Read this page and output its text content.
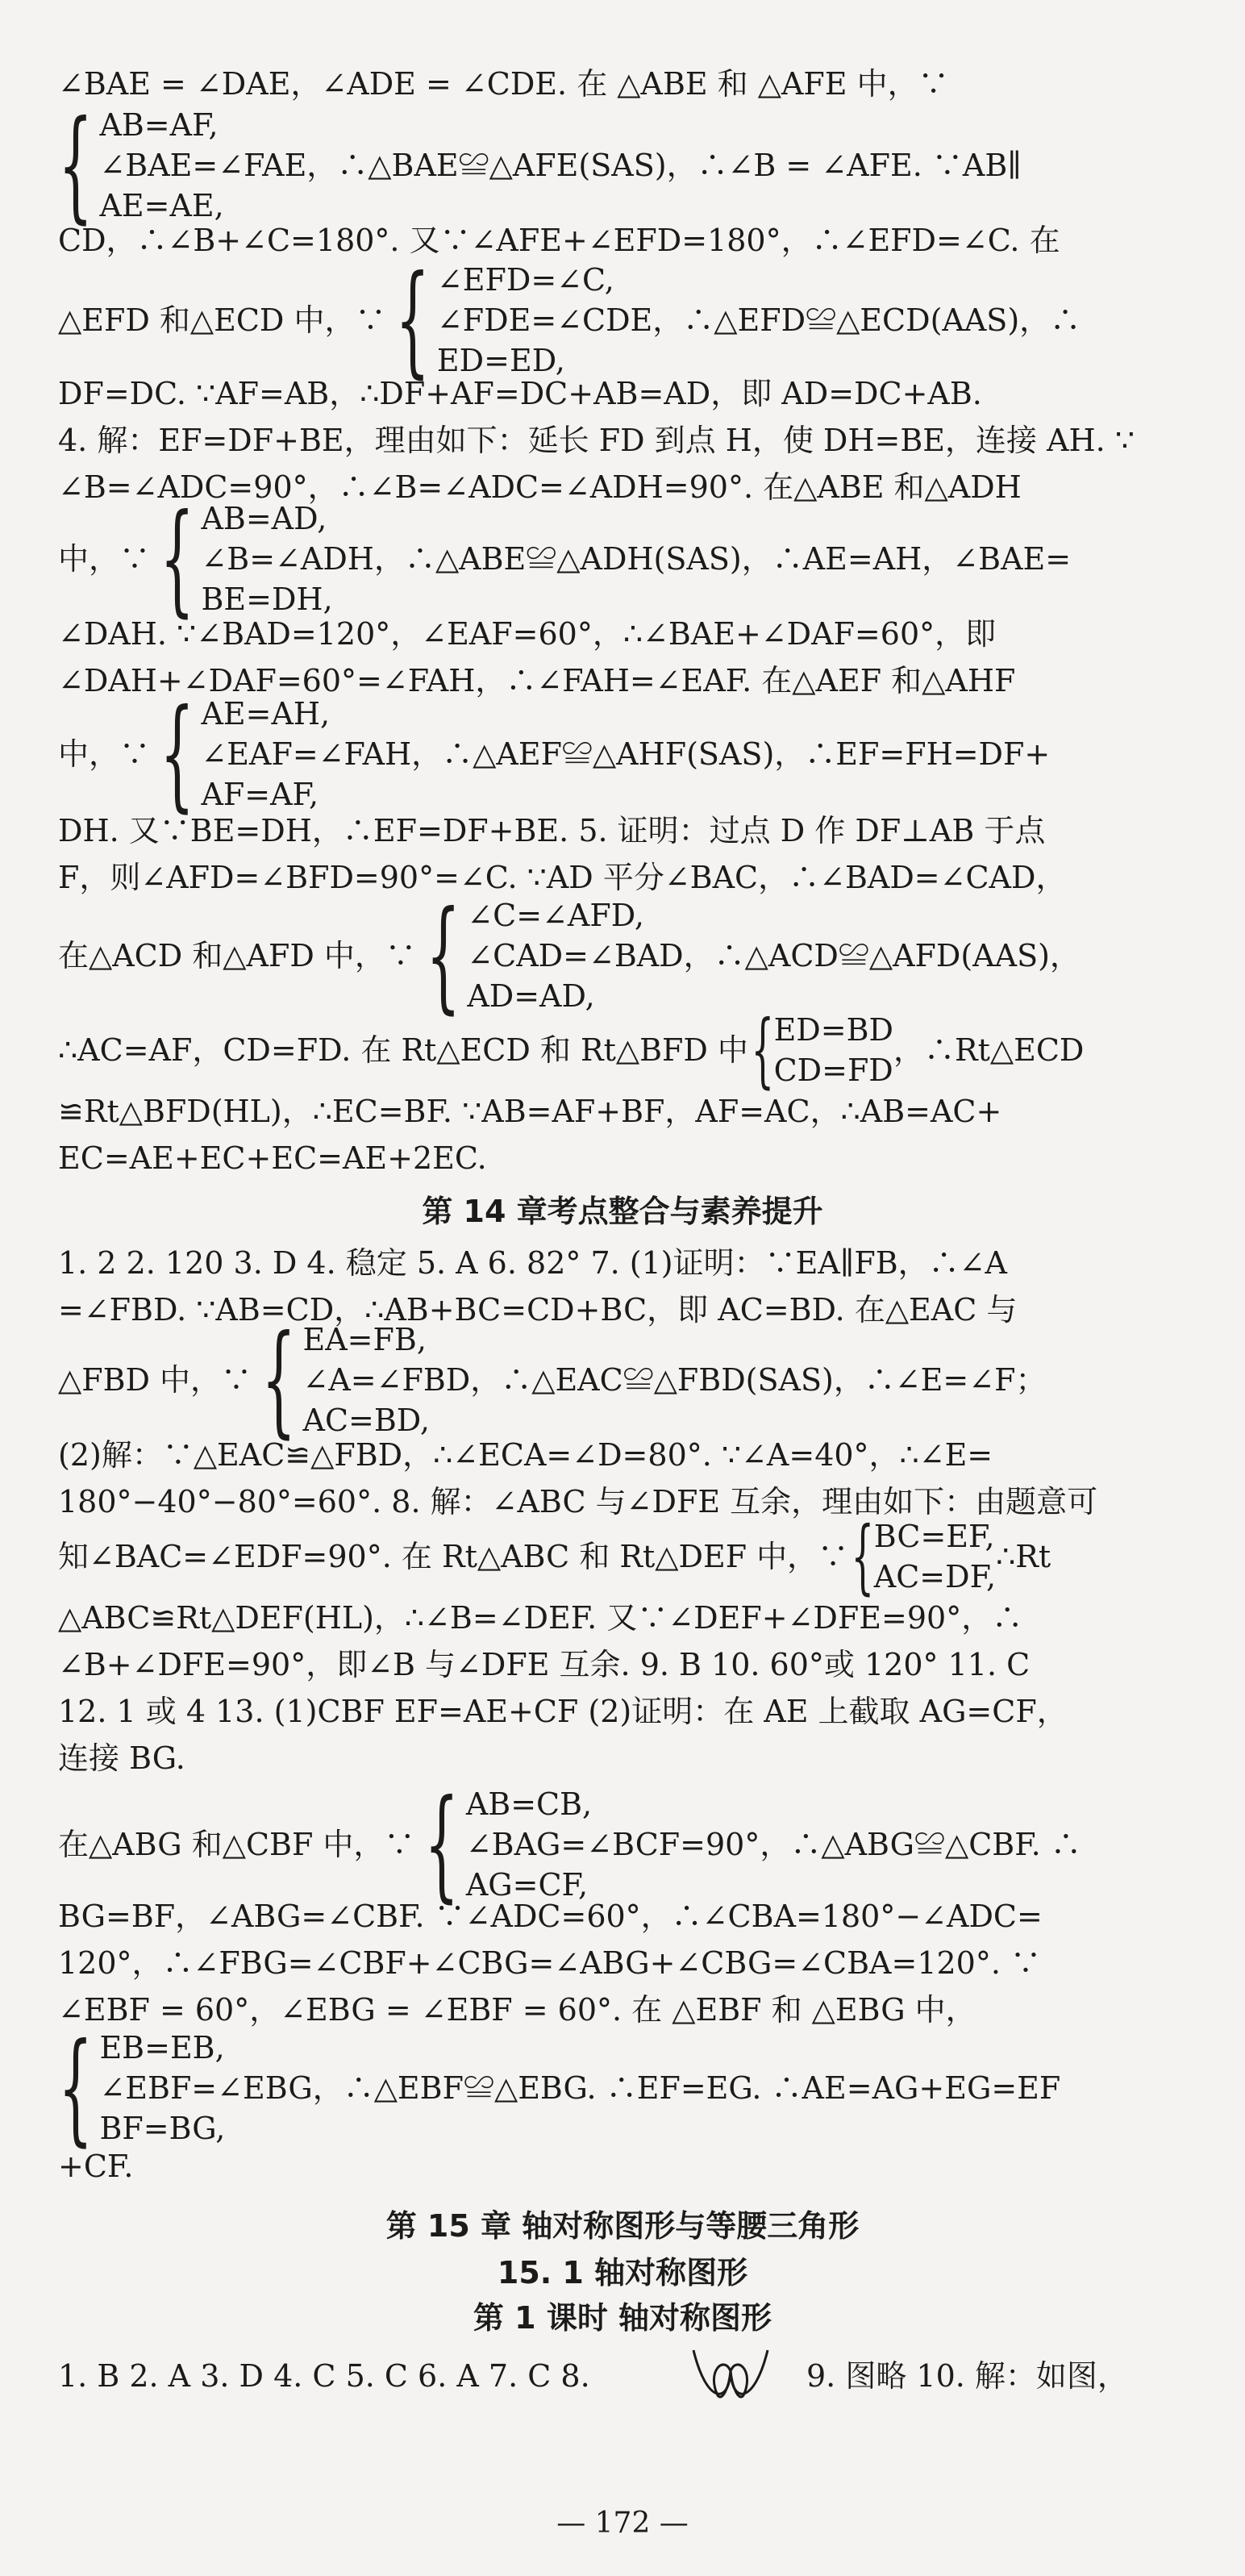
∠BAE = ∠DAE，∠ADE = ∠CDE. 在 △ABE 和 △AFE 中，∵
{ AB=AF,
∠BAE=∠FAE，∴△BAE≌△AFE(SAS)，∴∠B = ∠AFE. ∵AB∥
AE=AE,
CD，∴∠B+∠C=180°. 又∵∠AFE+∠EFD=180°，∴∠EFD=∠C. 在
△EFD 和△ECD 中，∵ { ∠EFD=∠C,
∠FDE=∠CDE，∴△EFD≌△ECD(AAS)，∴
ED=ED,
DF=DC. ∵AF=AB，∴DF+AF=DC+AB=AD，即 AD=DC+AB.
4. 解：EF=DF+BE，理由如下：延长 FD 到点 H，使 DH=BE，连接 AH. ∵
∠B=∠ADC=90°，∴∠B=∠ADC=∠ADH=90°. 在△ABE 和△ADH
中，∵ { AB=AD,
∠B=∠ADH，∴△ABE≌△ADH(SAS)，∴AE=AH，∠BAE=
BE=DH,
∠DAH. ∵∠BAD=120°，∠EAF=60°，∴∠BAE+∠DAF=60°，即
∠DAH+∠DAF=60°=∠FAH，∴∠FAH=∠EAF. 在△AEF 和△AHF
中，∵ { AE=AH,
∠EAF=∠FAH，∴△AEF≌△AHF(SAS)，∴EF=FH=DF+
AF=AF,
DH. 又∵BE=DH，∴EF=DF+BE. 5. 证明：过点 D 作 DF⊥AB 于点
F，则∠AFD=∠BFD=90°=∠C. ∵AD 平分∠BAC，∴∠BAD=∠CAD，
在△ACD 和△AFD 中，∵ { ∠C=∠AFD,
∠CAD=∠BAD，∴△ACD≌△AFD(AAS)，
AD=AD,
∴AC=AF，CD=FD. 在 Rt△ECD 和 Rt△BFD 中 { ED=BD
CD=FD
，∴Rt△ECD
≌Rt△BFD(HL)，∴EC=BF. ∵AB=AF+BF，AF=AC，∴AB=AC+
EC=AE+EC+EC=AE+2EC.
第 14 章考点整合与素养提升
1. 2 2. 120 3. D 4. 稳定 5. A 6. 82° 7. (1)证明：∵EA∥FB，∴∠A
=∠FBD. ∵AB=CD，∴AB+BC=CD+BC，即 AC=BD. 在△EAC 与
△FBD 中，∵ { EA=FB,
∠A=∠FBD，∴△EAC≌△FBD(SAS)，∴∠E=∠F；
AC=BD,
(2)解：∵△EAC≌△FBD，∴∠ECA=∠D=80°. ∵∠A=40°，∴∠E=
180°−40°−80°=60°. 8. 解：∠ABC 与∠DFE 互余，理由如下：由题意可
知∠BAC=∠EDF=90°. 在 Rt△ABC 和 Rt△DEF 中，∵ { BC=EF,
AC=DF,
∴Rt
△ABC≌Rt△DEF(HL)，∴∠B=∠DEF. 又∵∠DEF+∠DFE=90°，∴
∠B+∠DFE=90°，即∠B 与∠DFE 互余. 9. B 10. 60°或 120° 11. C
12. 1 或 4 13. (1)CBF EF=AE+CF (2)证明：在 AE 上截取 AG=CF，
连接 BG.
在△ABG 和△CBF 中，∵ { AB=CB,
∠BAG=∠BCF=90°，∴△ABG≌△CBF. ∴
AG=CF,
BG=BF，∠ABG=∠CBF. ∵∠ADC=60°，∴∠CBA=180°−∠ADC=
120°，∴∠FBG=∠CBF+∠CBG=∠ABG+∠CBG=∠CBA=120°. ∵
∠EBF = 60°，∠EBG = ∠EBF = 60°. 在 △EBF 和 △EBG 中，
{ EB=EB,
∠EBF=∠EBG，∴△EBF≌△EBG. ∴EF=EG. ∴AE=AG+EG=EF
BF=BG,
+CF.
第 15 章 轴对称图形与等腰三角形
15. 1 轴对称图形
第 1 课时 轴对称图形
1. B 2. A 3. D 4. C 5. C 6. A 7. C 8.	9. 图略 10. 解：如图，
— 172 —
